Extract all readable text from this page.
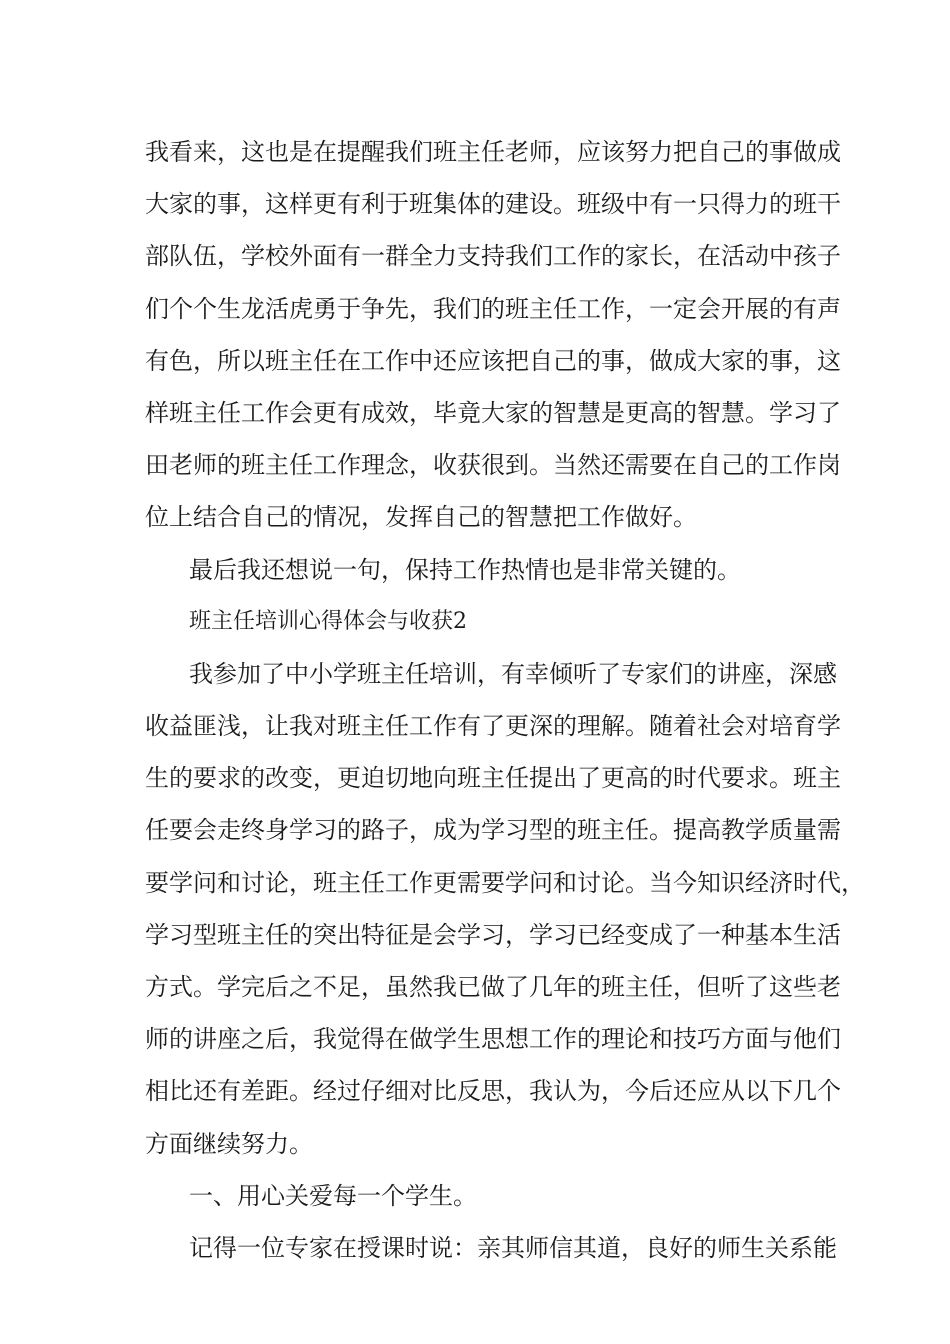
我看来，这也是在提醒我们班主任老师，应该努力把自己的事做成
大家的事，这样更有利于班集体的建设。班级中有一只得力的班干
部队伍，学校外面有一群全力支持我们工作的家长，在活动中孩子
们个个生龙活虎勇于争先，我们的班主任工作，一定会开展的有声
有色，所以班主任在工作中还应该把自己的事，做成大家的事，这
样班主任工作会更有成效，毕竟大家的智慧是更高的智慧。学习了
田老师的班主任工作理念，收获很到。当然还需要在自己的工作岗
位上结合自己的情况，发挥自己的智慧把工作做好。
最后我还想说一句，保持工作热情也是非常关键的。
班主任培训心得体会与收获2
我参加了中小学班主任培训，有幸倾听了专家们的讲座，深感
收益匪浅，让我对班主任工作有了更深的理解。随着社会对培育学
生的要求的改变，更迫切地向班主任提出了更高的时代要求。班主
任要会走终身学习的路子，成为学习型的班主任。提高教学质量需
要学问和讨论，班主任工作更需要学问和讨论。当今知识经济时代，
学习型班主任的突出特征是会学习，学习已经变成了一种基本生活
方式。学完后之不足，虽然我已做了几年的班主任，但听了这些老
师的讲座之后，我觉得在做学生思想工作的理论和技巧方面与他们
相比还有差距。经过仔细对比反思，我认为，今后还应从以下几个
方面继续努力。
一、用心关爱每一个学生。
记得一位专家在授课时说：亲其师信其道，良好的师生关系能
